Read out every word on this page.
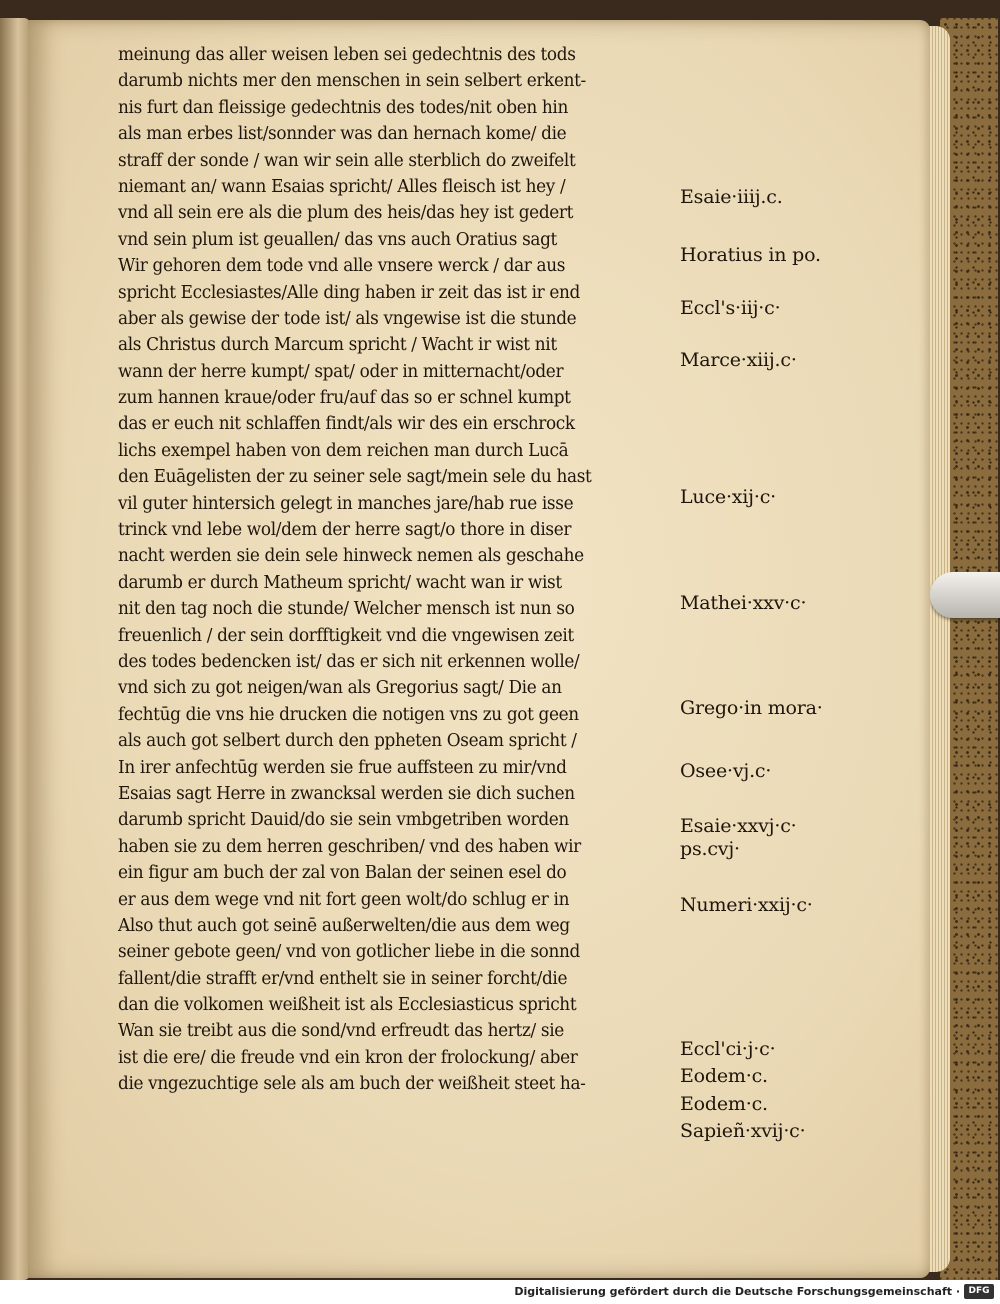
meinung das aller weisen leben sei gedechtnis des tods
darumb nichts mer den menschen in sein selbert erkent-
nis furt dan fleissige gedechtnis des todes/nit oben hin
als man erbes list/sonnder was dan hernach kome/ die
straff der sonde / wan wir sein alle sterblich do zweifelt
niemant an/ wann Esaias spricht/ Alles fleisch ist hey /
vnd all sein ere als die plum des heis/das hey ist gedert
vnd sein plum ist geuallen/ das vns auch Oratius sagt
Wir gehoren dem tode vnd alle vnsere werck / dar aus
spricht Ecclesiastes/Alle ding haben ir zeit das ist ir end
aber als gewise der tode ist/ als vngewise ist die stunde
als Christus durch Marcum spricht / Wacht ir wist nit
wann der herre kumpt/ spat/ oder in mitternacht/oder
zum hannen kraue/oder fru/auf das so er schnel kumpt
das er euch nit schlaffen findt/als wir des ein erschrock
lichs exempel haben von dem reichen man durch Lucā
den Euāgelisten der zu seiner sele sagt/mein sele du hast
vil guter hintersich gelegt in manches jare/hab rue isse
trinck vnd lebe wol/dem der herre sagt/o thore in diser
nacht werden sie dein sele hinweck nemen als geschahe
darumb er durch Matheum spricht/ wacht wan ir wist
nit den tag noch die stunde/ Welcher mensch ist nun so
freuenlich / der sein dorfftigkeit vnd die vngewisen zeit
des todes bedencken ist/ das er sich nit erkennen wolle/
vnd sich zu got neigen/wan als Gregorius sagt/ Die an
fechtūg die vns hie drucken die notigen vns zu got geen
als auch got selbert durch den ppheten Oseam spricht /
In irer anfechtūg werden sie frue auffsteen zu mir/vnd
Esaias sagt Herre in zwancksal werden sie dich suchen
darumb spricht Dauid/do sie sein vmbgetriben worden
haben sie zu dem herren geschriben/ vnd des haben wir
ein figur am buch der zal von Balan der seinen esel do
er aus dem wege vnd nit fort geen wolt/do schlug er in
Also thut auch got seinē außerwelten/die aus dem weg
seiner gebote geen/ vnd von gotlicher liebe in die sonnd
fallent/die strafft er/vnd enthelt sie in seiner forcht/die
dan die volkomen weißheit ist als Ecclesiasticus spricht
Wan sie treibt aus die sond/vnd erfreudt das hertz/ sie
ist die ere/ die freude vnd ein kron der frolockung/ aber
die vngezuchtige sele als am buch der weißheit steet ha-
Esaie·iiij.c.
Horatius in po.
Eccl's·iij·c·
Marce·xiij.c·
Luce·xij·c·
Mathei·xxv·c·
Grego·in mora·
Osee·vj.c·
Esaie·xxvj·c·
ps.cvj·
Numeri·xxij·c·
Eccl'ci·j·c·
Eodem·c.
Eodem·c.
Sapieñ·xvij·c·
Digitalisierung gefördert durch die Deutsche Forschungsgemeinschaft · DFG
